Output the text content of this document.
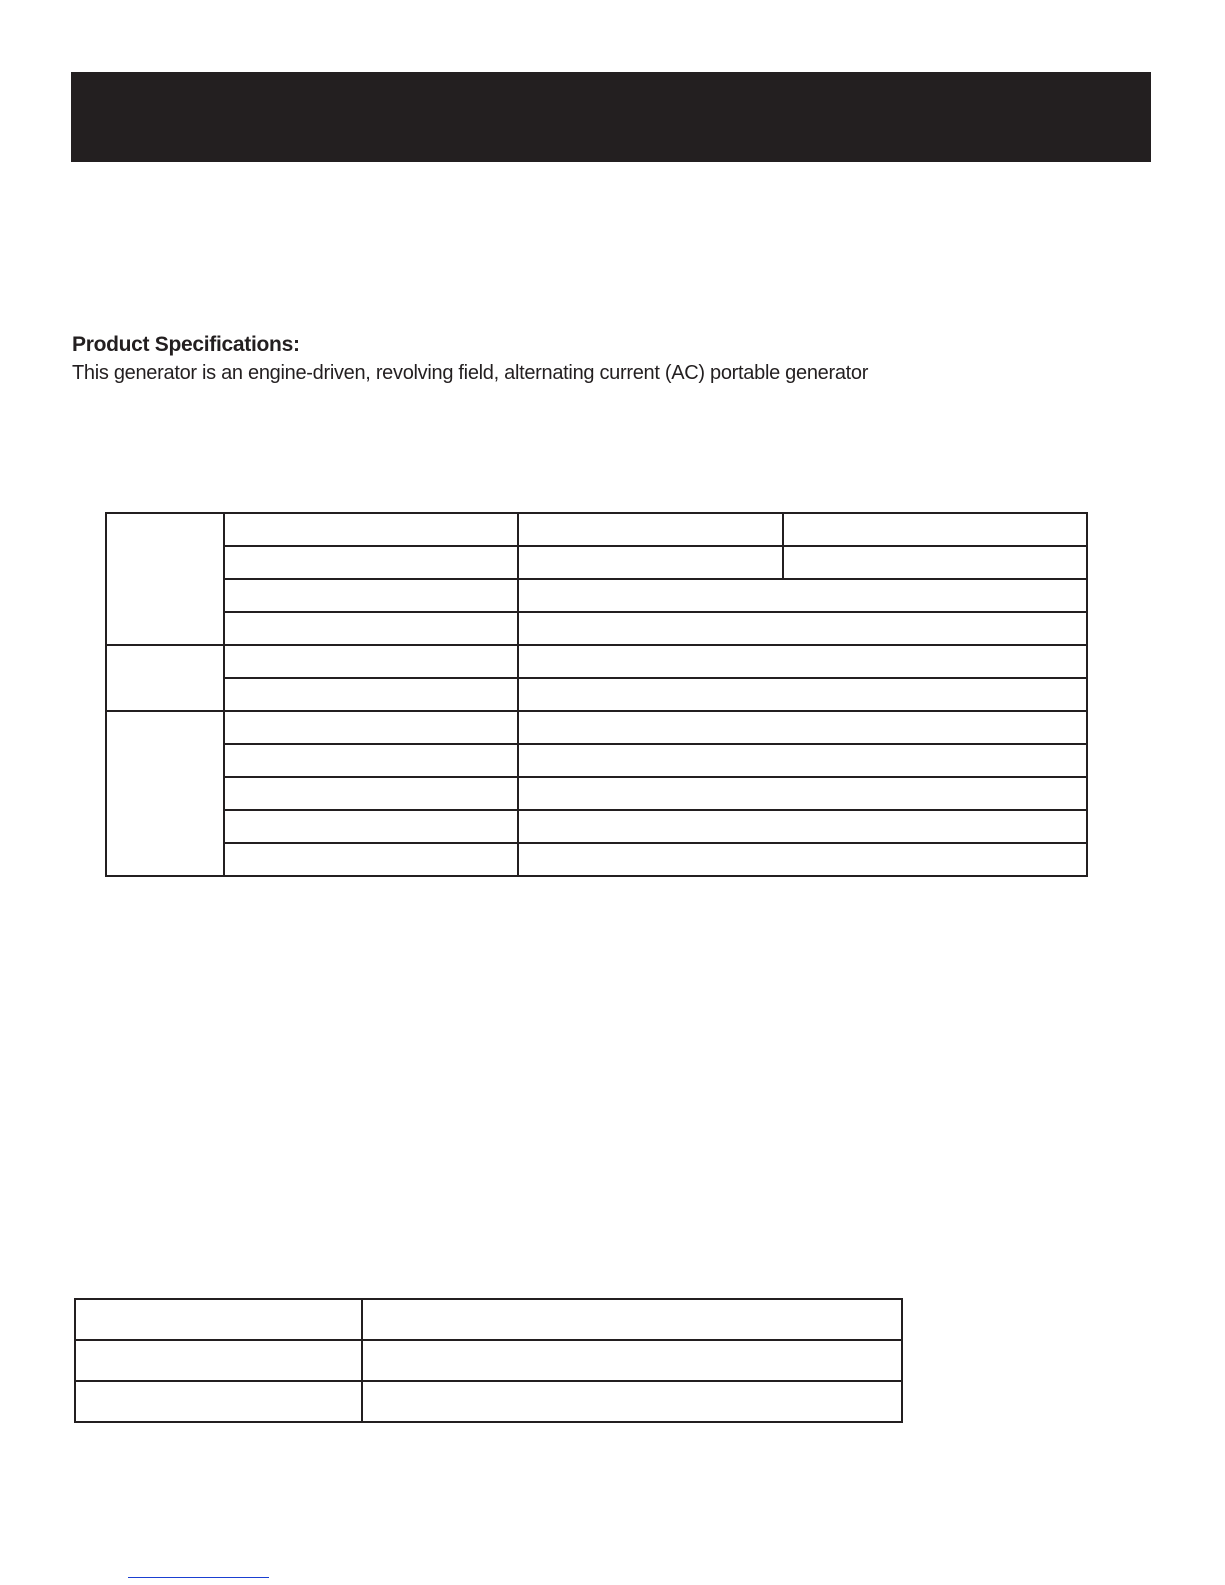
Product Specifications:
This generator is an engine-driven, revolving field, alternating current (AC) portable generator
